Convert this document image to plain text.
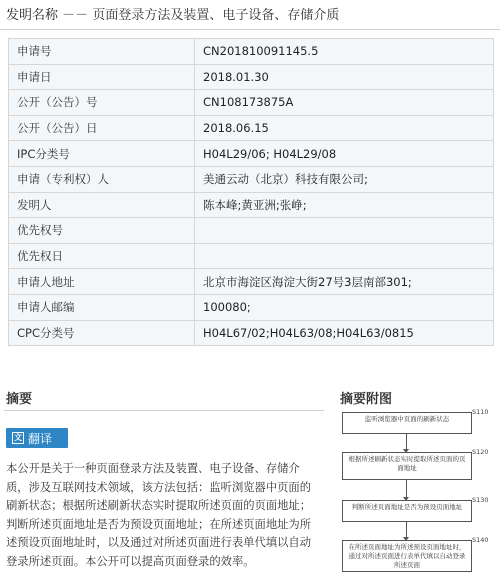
发明名称 －－ 页面登录方法及装置、电子设备、存储介质
申请号	CN201810091145.5
申请日	2018.01.30
公开（公告）号	CN108173875A
公开（公告）日	2018.06.15
IPC分类号	H04L29/06; H04L29/08
申请（专利权）人	美通云动（北京）科技有限公司;
发明人	陈本峰;黄亚洲;张峥;
优先权号	
优先权日	
申请人地址	北京市海淀区海淀大街27号3层南部301;
申请人邮编	100080;
CPC分类号	H04L67/02;H04L63/08;H04L63/0815
摘要	摘要附图
文 翻译
本公开是关于一种页面登录方法及装置、电子设备、存储介质，涉及互联网技术领域，该方法包括：监听浏览器中页面的刷新状态；根据所述刷新状态实时提取所述页面的页面地址；判断所述页面地址是否为预设页面地址；在所述页面地址为所述预设页面地址时，以及通过对所述页面进行表单代填以自动登录所述页面。本公开可以提高页面登录的效率。
监听浏览器中页面的刷新状态
S110
根据所述刷新状态实时提取所述页面的页面地址
S120
判断所述页面地址是否为预设页面地址
S130
在所述页面地址为所述预设页面地址时，通过对所述页面进行表单代填以自动登录所述页面
S140
